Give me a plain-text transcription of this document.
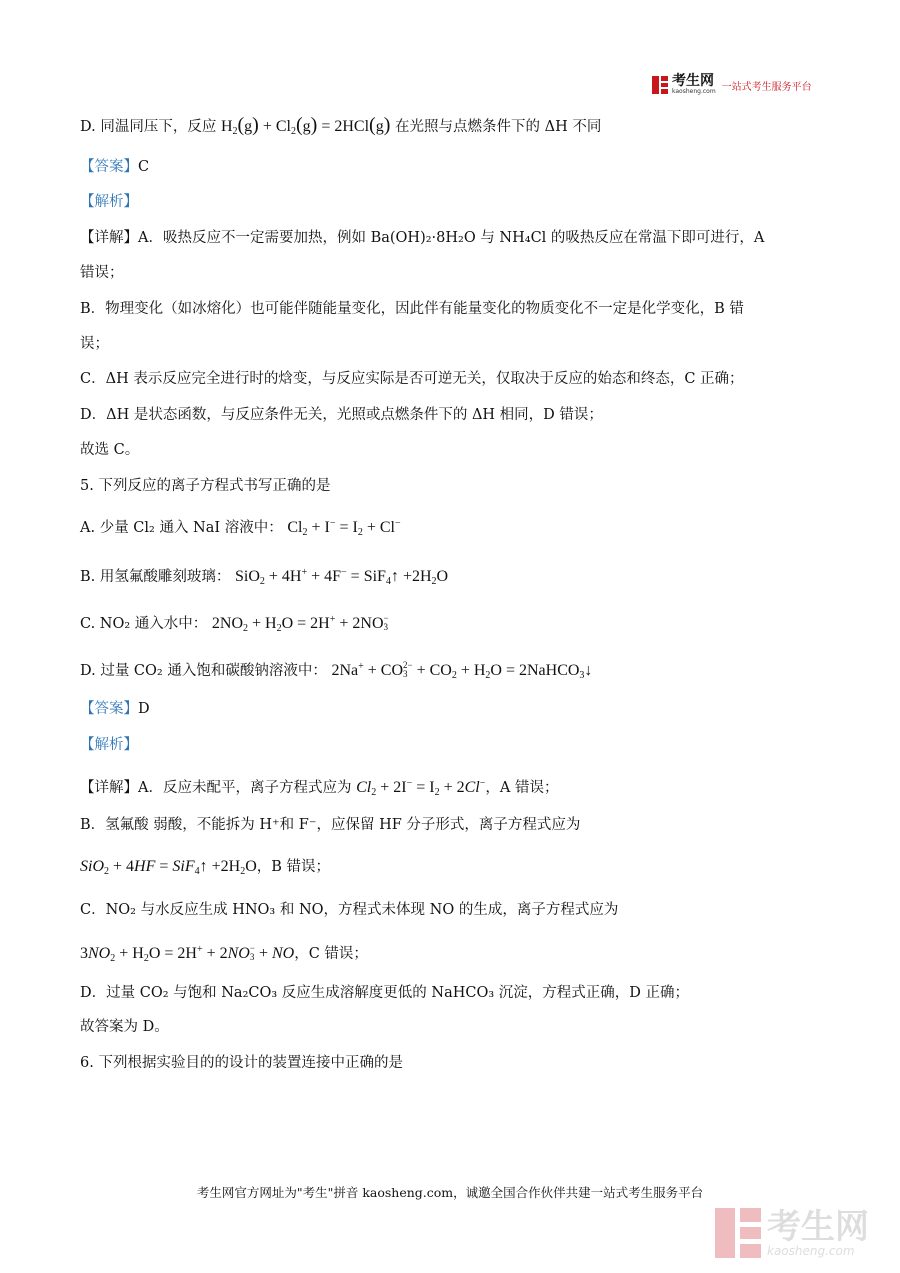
考生网
kaosheng.com 一站式考生服务平台
D. 同温同压下，反应 $H_2(g) + Cl_2(g) = 2HCl(g)$ 在光照与点燃条件下的 ΔH 不同
【答案】C
【解析】
【详解】A．吸热反应不一定需要加热，例如 Ba(OH)₂·8H₂O 与 NH₄Cl 的吸热反应在常温下即可进行，A
错误；
B．物理变化（如冰熔化）也可能伴随能量变化，因此伴有能量变化的物质变化不一定是化学变化，B 错
误；
C．ΔH 表示反应完全进行时的焓变，与反应实际是否可逆无关，仅取决于反应的始态和终态，C 正确；
D．ΔH 是状态函数，与反应条件无关，光照或点燃条件下的 ΔH 相同，D 错误；
故选 C。
5. 下列反应的离子方程式书写正确的是
A. 少量 Cl₂ 通入 NaI 溶液中： $Cl_2 + I^- = I_2 + Cl^-$
B. 用氢氟酸雕刻玻璃： SiO$_2$ + 4H+ + 4F− = SiF$_4$↑ $+2H_2O$
C. NO₂ 通入水中： $2NO_2 + H_2O = 2H^+ + 2NO$ −
3
D. 过量 CO₂ 通入饱和碳酸钠溶液中： 2Na+ + CO 2−
$3 + CO_2 + H_2O$ = 2NaHCO$_3$↓
【答案】D
【解析】
【详解】A．反应未配平，离子方程式应为 $Cl_2 + 2I^- = I_2 + 2Cl^-$，A 错误；
B．氢氟酸 弱酸，不能拆为 H⁺和 F⁻，应保留 HF 分子形式，离子方程式应为
SiO$_2$ + 4HF = SiF$_4$↑ $+2H_2O$，B 错误；
C．NO₂ 与水反应生成 HNO₃ 和 NO，方程式未体现 NO 的生成，离子方程式应为
$3NO_2 + H_2O = 2H^+ + 2NO$ −
3 + NO，C 错误；
D．过量 CO₂ 与饱和 Na₂CO₃ 反应生成溶解度更低的 NaHCO₃ 沉淀，方程式正确，D 正确；
故答案为 D。
6. 下列根据实验目的的设计的装置连接中正确的是
考生网官方网址为"考生"拼音 kaosheng.com，诚邀全国合作伙伴共建一站式考生服务平台
考生网
kaosheng.com
